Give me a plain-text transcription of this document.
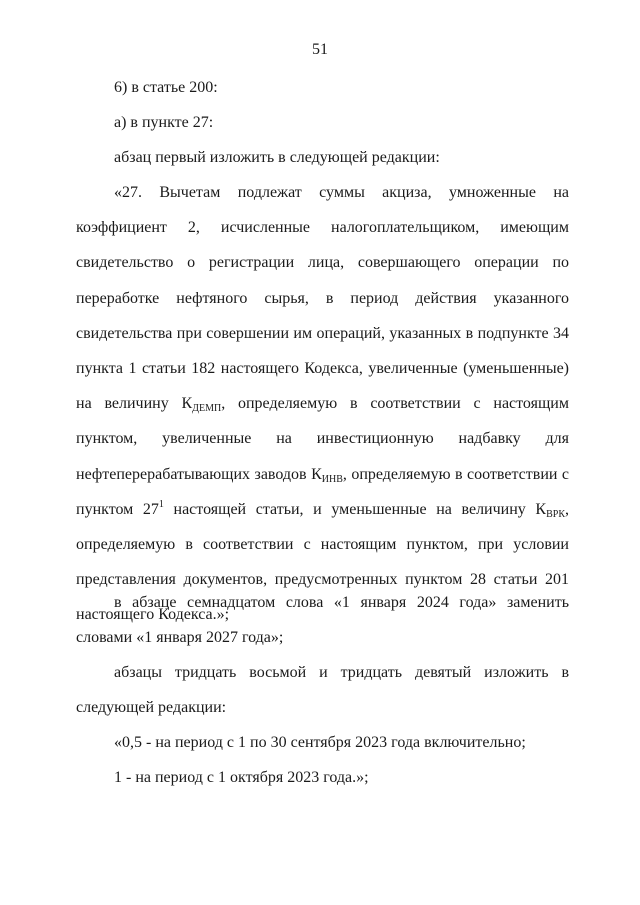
51

6) в статье 200:

а) в пункте 27:

абзац первый изложить в следующей редакции:

«27. Вычетам подлежат суммы акциза, умноженные на коэффициент 2, исчисленные налогоплательщиком, имеющим свидетельство о регистрации лица, совершающего операции по переработке нефтяного сырья, в период действия указанного свидетельства при совершении им операций, указанных в подпункте 34 пункта 1 статьи 182 настоящего Кодекса, увеличенные (уменьшенные) на величину $К_{ДЕМП}$, определяемую в соответствии с настоящим пунктом, увеличенные на инвестиционную надбавку для нефтеперерабатывающих заводов $К_{ИНВ}$, определяемую в соответствии с пунктом $27^1$ настоящей статьи, и уменьшенные на величину $К_{ВРК}$, определяемую в соответствии с настоящим пунктом, при условии представления документов, предусмотренных пунктом 28 статьи 201 настоящего Кодекса.»;

в абзаце семнадцатом слова «1 января 2024 года» заменить словами «1 января 2027 года»;

абзацы тридцать восьмой и тридцать девятый изложить в следующей редакции:

«0,5 - на период с 1 по 30 сентября 2023 года включительно;

1 - на период с 1 октября 2023 года.»;
